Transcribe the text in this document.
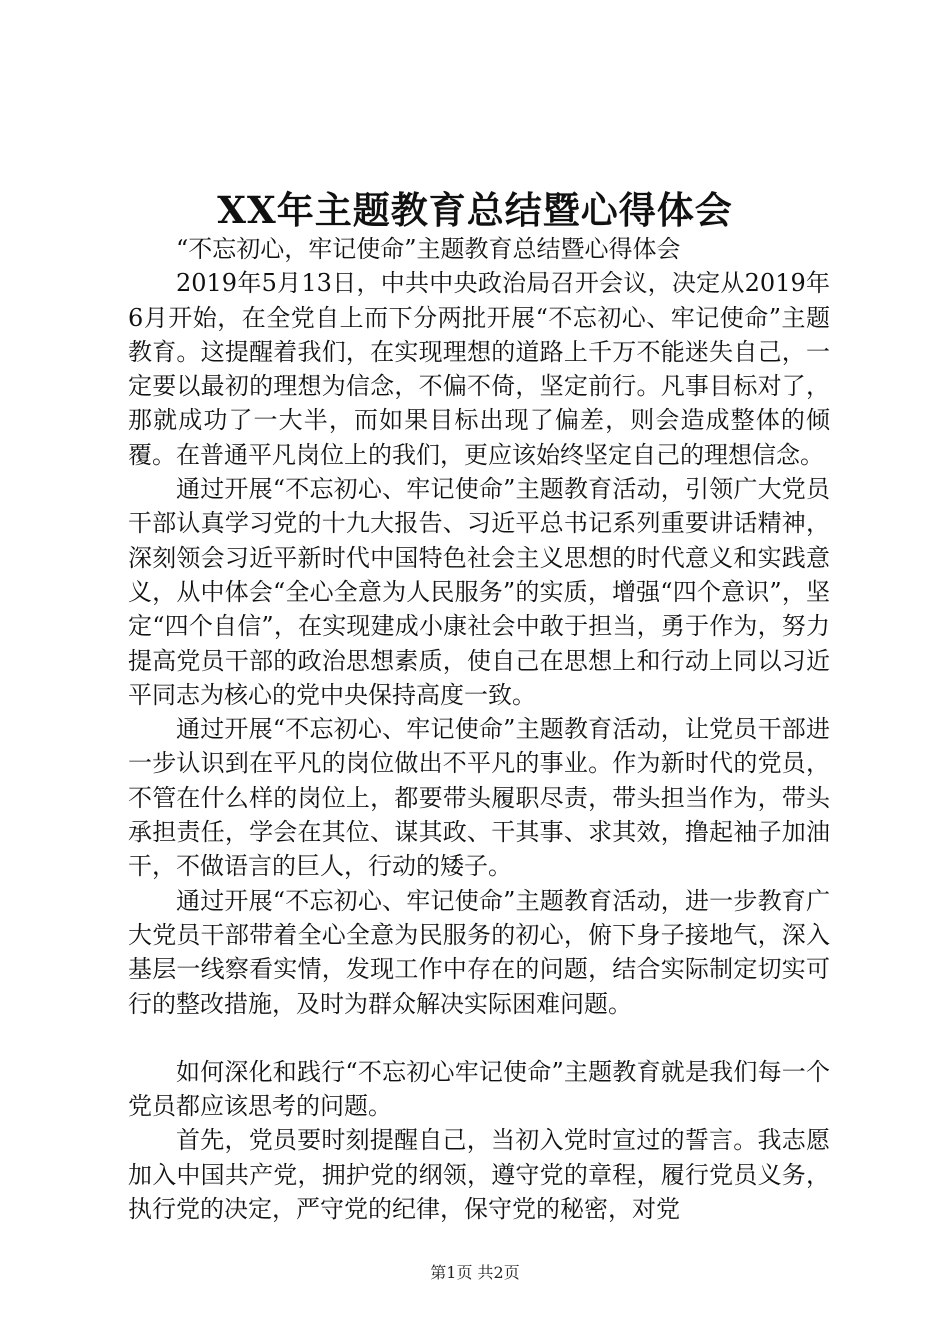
XX年主题教育总结暨心得体会

“不忘初心，牢记使命”主题教育总结暨心得体会

2019年5月13日，中共中央政治局召开会议，决定从2019年6月开始，在全党自上而下分两批开展“不忘初心、牢记使命”主题教育。这提醒着我们，在实现理想的道路上千万不能迷失自己，一定要以最初的理想为信念，不偏不倚，坚定前行。凡事目标对了，那就成功了一大半，而如果目标出现了偏差，则会造成整体的倾覆。在普通平凡岗位上的我们，更应该始终坚定自己的理想信念。

通过开展“不忘初心、牢记使命”主题教育活动，引领广大党员干部认真学习党的十九大报告、习近平总书记系列重要讲话精神，深刻领会习近平新时代中国特色社会主义思想的时代意义和实践意义，从中体会“全心全意为人民服务”的实质，增强“四个意识”，坚定“四个自信”，在实现建成小康社会中敢于担当，勇于作为，努力提高党员干部的政治思想素质，使自己在思想上和行动上同以习近平同志为核心的党中央保持高度一致。

通过开展“不忘初心、牢记使命”主题教育活动，让党员干部进一步认识到在平凡的岗位做出不平凡的事业。作为新时代的党员，不管在什么样的岗位上，都要带头履职尽责，带头担当作为，带头承担责任，学会在其位、谋其政、干其事、求其效，撸起袖子加油干，不做语言的巨人，行动的矮子。

通过开展“不忘初心、牢记使命”主题教育活动，进一步教育广大党员干部带着全心全意为民服务的初心，俯下身子接地气，深入基层一线察看实情，发现工作中存在的问题，结合实际制定切实可行的整改措施，及时为群众解决实际困难问题。

如何深化和践行“不忘初心牢记使命”主题教育就是我们每一个党员都应该思考的问题。

首先，党员要时刻提醒自己，当初入党时宣过的誓言。我志愿加入中国共产党，拥护党的纲领，遵守党的章程，履行党员义务，执行党的决定，严守党的纪律，保守党的秘密，对党

第1页 共2页
